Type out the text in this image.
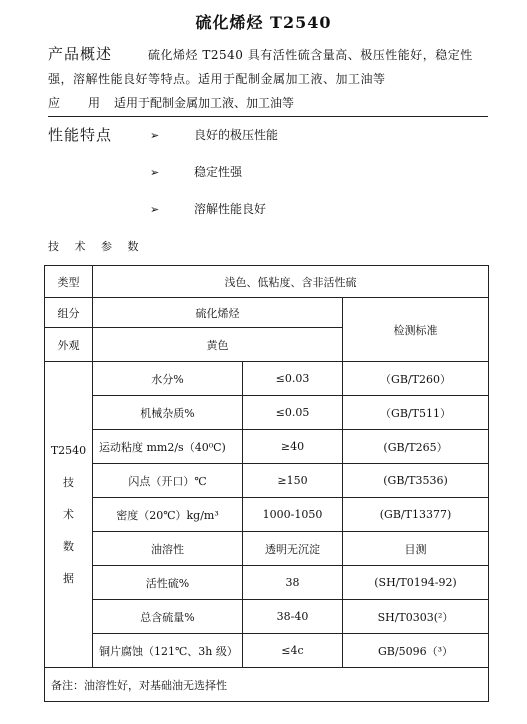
硫化烯烃 T2540
产品概述	硫化烯烃 T2540 具有活性硫含量高、极压性能好，稳定性强，溶解性能良好等特点。适用于配制金属加工液、加工油等
应 用 适用于配制金属加工液、加工油等
性能特点	➢	良好的极压性能
➢	稳定性强
➢	溶解性能良好
技 术 参 数
类型	浅色、低粘度、含非活性硫		
组分	硫化烯烃		检测标准
外观	黄色		

T2540
技
术
数
据	水分%	≤0.03	（GB/T260）
	机械杂质%	≤0.05	（GB/T511）
	运动粘度 mm2/s（40⁰C)	≥40	(GB/T265）
	闪点（开口）℃	≥150	(GB/T3536)
	密度（20℃）kg/m³	1000-1050	(GB/T13377)
	油溶性	透明无沉淀	目测
	活性硫%	38	(SH/T0194-92)
	总含硫量%	38-40	SH/T0303(²）
	铜片腐蚀（121℃、3h 级）	≤4c	GB/5096（³）
备注：油溶性好，对基础油无选择性			
